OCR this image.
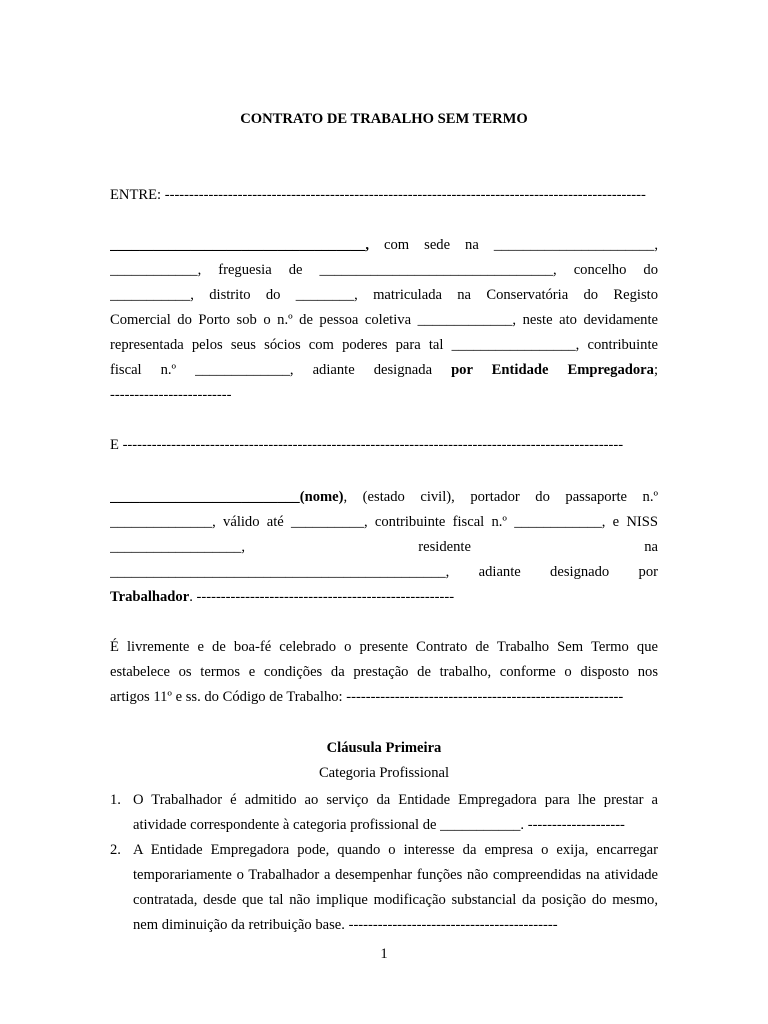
CONTRATO DE TRABALHO SEM TERMO
ENTRE: ---------------------------------------------------------------------------------------------------
___________________________________, com sede na ______________________,
____________, freguesia de ________________________________, concelho do
___________, distrito do ________, matriculada na Conservatória do Registo
Comercial do Porto sob o n.º de pessoa coletiva _____________, neste ato devidamente
representada pelos seus sócios com poderes para tal _________________, contribuinte
fiscal n.º _____________, adiante designada por Entidade Empregadora;
-------------------------
E -------------------------------------------------------------------------------------------------------
__________________________(nome), (estado civil), portador do passaporte n.º
______________, válido até __________, contribuinte fiscal n.º ____________, e NISS
__________________, residente na
______________________________________________, adiante designado por
Trabalhador. -----------------------------------------------------
É livremente e de boa-fé celebrado o presente Contrato de Trabalho Sem Termo que
estabelece os termos e condições da prestação de trabalho, conforme o disposto nos
artigos 11º e ss. do Código de Trabalho: ---------------------------------------------------------
Cláusula Primeira
Categoria Profissional
1. O Trabalhador é admitido ao serviço da Entidade Empregadora para lhe prestar a atividade correspondente à categoria profissional de ___________. --------------------
2. A Entidade Empregadora pode, quando o interesse da empresa o exija, encarregar temporariamente o Trabalhador a desempenhar funções não compreendidas na atividade contratada, desde que tal não implique modificação substancial da posição do mesmo, nem diminuição da retribuição base. -------------------------------------------
1
